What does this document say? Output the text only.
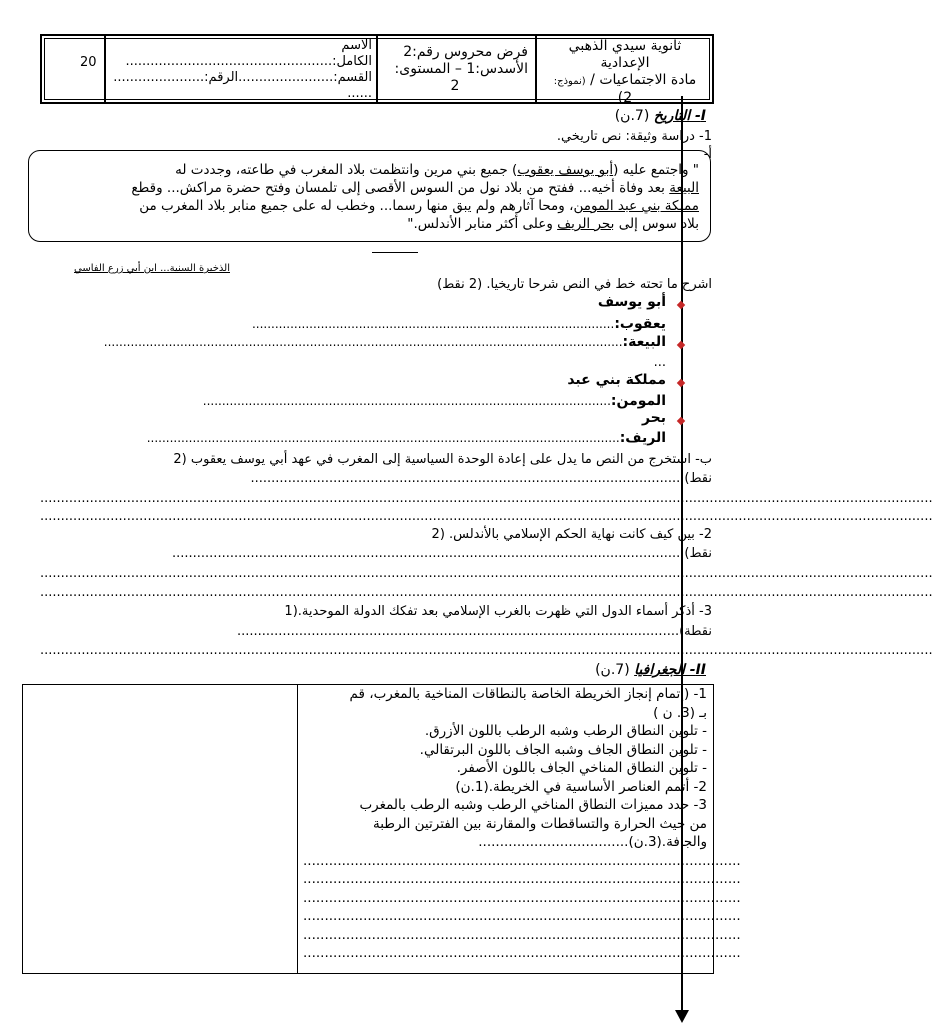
20
الاسم
الكامل:..................................................
القسم:.......................الرقم:......................
......
فرض محروس رقم:2
الأسدس:1 – المستوى:
2
ثانوية سيدي الذهبي
الإعدادية
مادة الاجتماعيات / (نموذج:
2)
I- التاريخ (7.ن)
1- دراسة وثيقة: نص تاريخي.
أ-
" واجتمع عليه (أبو يوسف يعقوب) جميع بني مرين وانتظمت بلاد المغرب في طاعته، وجددت له
البيعة بعد وفاة أخيه... ففتح من بلاد نول من السوس الأقصى إلى تلمسان وفتح حضرة مراكش... وقطع
مملكة بني عبد المومن، ومحا آثارهم ولم يبق منها رسما... وخطب له على جميع منابر بلاد المغرب من
بلاد سوس إلى بحر الريف وعلى أكثر منابر الأندلس."
الذخيرة السنية... ابن أبي زرع الفاسي
اشرح ما تحته خط في النص شرحا تاريخيا. (2 نقط)
أبو يوسف
يعقوب:...............................................................................................
البيعة:........................................................................................................................................
...
مملكة بني عبد
المومن:...........................................................................................................
بحر
الريف:............................................................................................................................
ب- استخرج من النص ما يدل على إعادة الوحدة السياسية إلى المغرب في عهد أبي يوسف يعقوب (2
نقط).........................................................................................................
........................................................................................................................................................................................................................
........................................................................................................................................................................................................................
2- بين كيف كانت نهاية الحكم الإسلامي بالأندلس. (2
نقط)............................................................................................................................
........................................................................................................................................................................................................................
........................................................................................................................................................................................................................
3- أذكر أسماء الدول التي ظهرت بالغرب الإسلامي بعد تفكك الدولة الموحدية.(1
نقطة)...........................................................................................................
........................................................................................................................................................................................................................
II- الجغرافيا (7.ن)
1- (إتمام إنجاز الخريطة الخاصة بالنطاقات المناخية بالمغرب، قم
بـ (3. ن )
- تلوين النطاق الرطب وشبه الرطب باللون الأزرق.
- تلوين النطاق الجاف وشبه الجاف باللون البرتقالي.
- تلوين النطاق المناخي الجاف باللون الأصفر.
2- أتمم العناصر الأساسية في الخريطة.(1.ن)
3- حدد مميزات النطاق المناخي الرطب وشبه الرطب بالمغرب
من حيث الحرارة والتساقطات والمقارنة بين الفترتين الرطبة
والجافة.(3.ن)...................................
......................................................................................................
......................................................................................................
......................................................................................................
......................................................................................................
......................................................................................................
......................................................................................................
